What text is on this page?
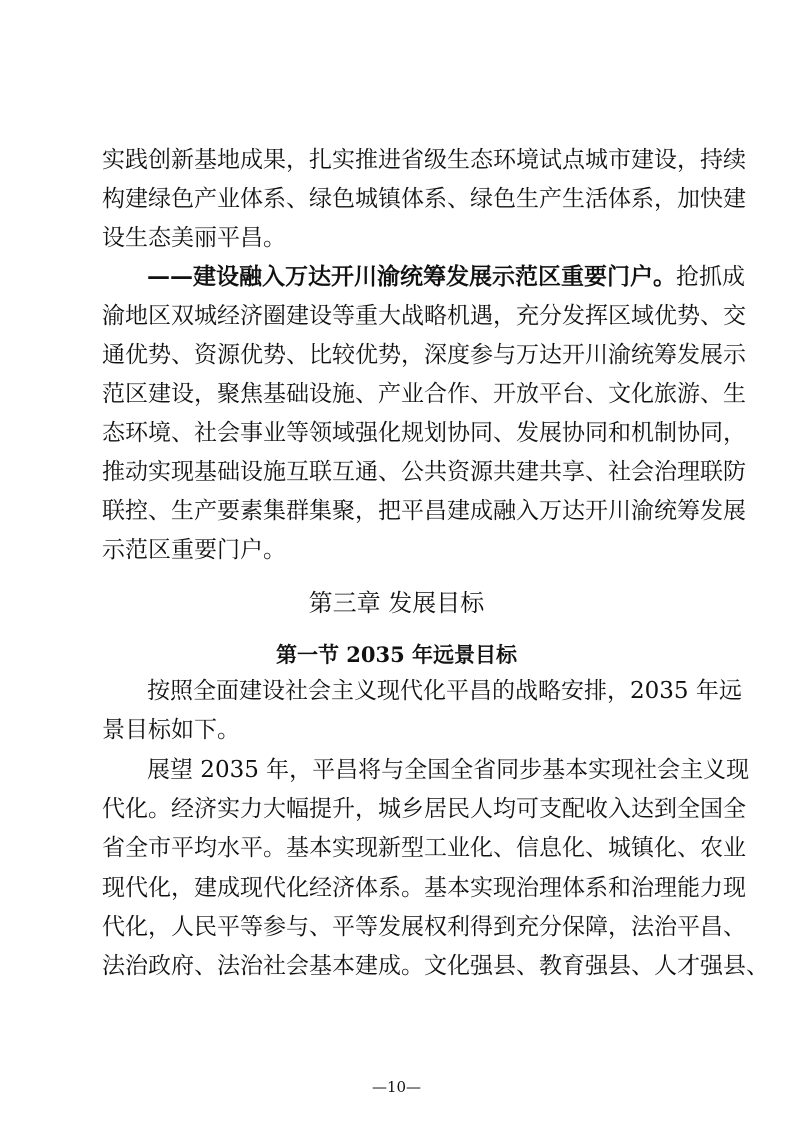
实践创新基地成果，扎实推进省级生态环境试点城市建设，持续
构建绿色产业体系、绿色城镇体系、绿色生产生活体系，加快建
设生态美丽平昌。
——建设融入万达开川渝统筹发展示范区重要门户。抢抓成
渝地区双城经济圈建设等重大战略机遇，充分发挥区域优势、交
通优势、资源优势、比较优势，深度参与万达开川渝统筹发展示
范区建设，聚焦基础设施、产业合作、开放平台、文化旅游、生
态环境、社会事业等领域强化规划协同、发展协同和机制协同，
推动实现基础设施互联互通、公共资源共建共享、社会治理联防
联控、生产要素集群集聚，把平昌建成融入万达开川渝统筹发展
示范区重要门户。
第三章 发展目标
第一节 2035 年远景目标
按照全面建设社会主义现代化平昌的战略安排，2035 年远
景目标如下。
展望 2035 年，平昌将与全国全省同步基本实现社会主义现
代化。经济实力大幅提升，城乡居民人均可支配收入达到全国全
省全市平均水平。基本实现新型工业化、信息化、城镇化、农业
现代化，建成现代化经济体系。基本实现治理体系和治理能力现
代化，人民平等参与、平等发展权利得到充分保障，法治平昌、
法治政府、法治社会基本建成。文化强县、教育强县、人才强县、
—10—
